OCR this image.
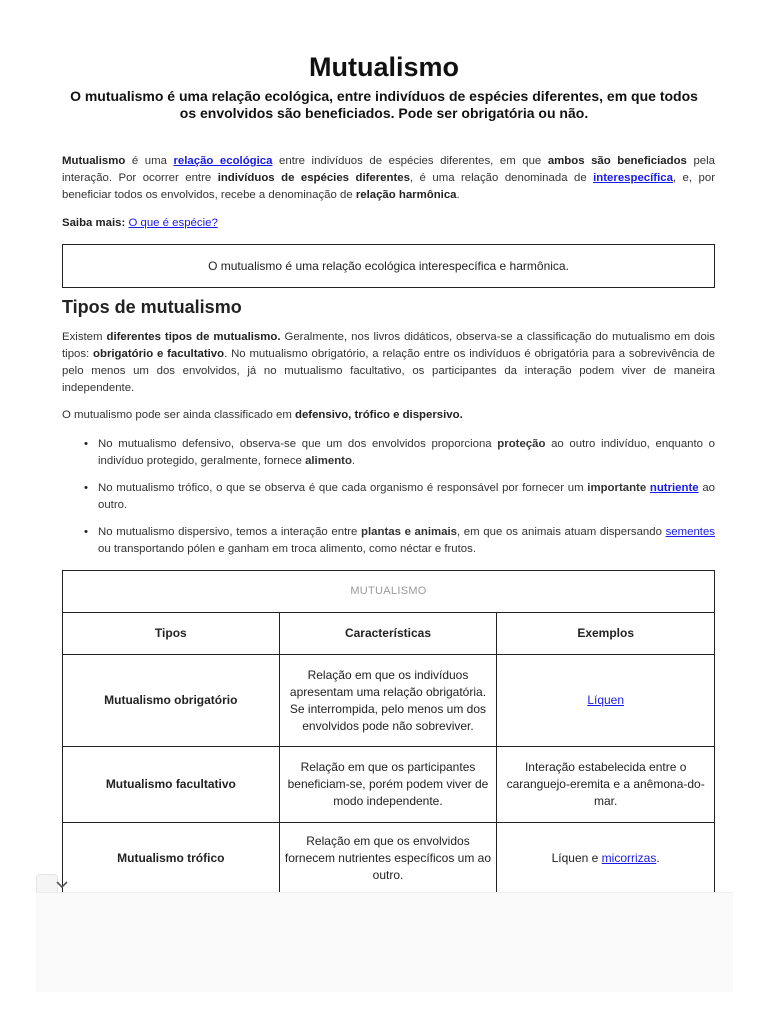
Mutualismo

O mutualismo é uma relação ecológica, entre indivíduos de espécies diferentes, em que todos os envolvidos são beneficiados. Pode ser obrigatória ou não.

Mutualismo é uma relação ecológica entre indivíduos de espécies diferentes, em que ambos são beneficiados pela interação. Por ocorrer entre indivíduos de espécies diferentes, é uma relação denominada de interespecífica, e, por beneficiar todos os envolvidos, recebe a denominação de relação harmônica.

Saiba mais: O que é espécie?

O mutualismo é uma relação ecológica interespecífica e harmônica.
Tipos de mutualismo

Existem diferentes tipos de mutualismo. Geralmente, nos livros didáticos, observa-se a classificação do mutualismo em dois tipos: obrigatório e facultativo. No mutualismo obrigatório, a relação entre os indivíduos é obrigatória para a sobrevivência de pelo menos um dos envolvidos, já no mutualismo facultativo, os participantes da interação podem viver de maneira independente.

O mutualismo pode ser ainda classificado em defensivo, trófico e dispersivo.

• No mutualismo defensivo, observa-se que um dos envolvidos proporciona proteção ao outro indivíduo, enquanto o indivíduo protegido, geralmente, fornece alimento.
• No mutualismo trófico, o que se observa é que cada organismo é responsável por fornecer um importante nutriente ao outro.
• No mutualismo dispersivo, temos a interação entre plantas e animais, em que os animais atuam dispersando sementes ou transportando pólen e ganham em troca alimento, como néctar e frutos.
MUTUALISMO		
Tipos	Características	Exemplos
Mutualismo obrigatório	Relação em que os indivíduos apresentam uma relação obrigatória. Se interrompida, pelo menos um dos envolvidos pode não sobreviver.	Líquen
Mutualismo facultativo	Relação em que os participantes beneficiam-se, porém podem viver de modo independente.	Interação estabelecida entre o caranguejo-eremita e a anêmona-do-mar.
Mutualismo trófico	Relação em que os envolvidos fornecem nutrientes específicos um ao outro.	Líquen e micorrizas.
